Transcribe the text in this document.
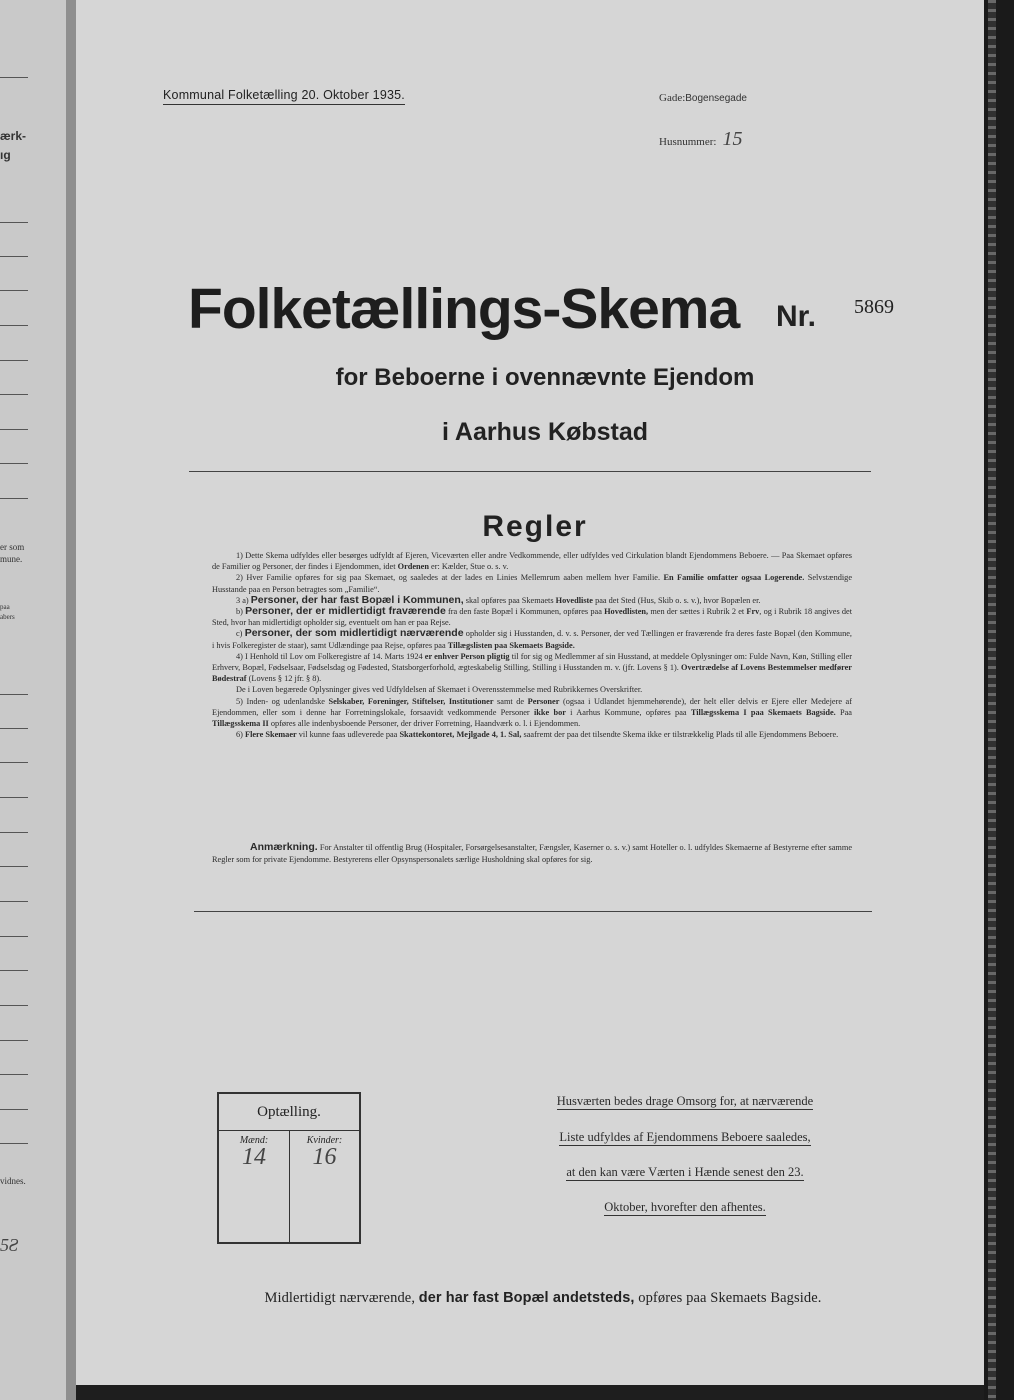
ærk-
ıg
er som
mune.
paa
abers
vidnes.
5Ƨ
Kommunal Folketælling 20. Oktober 1935.	Gade:Bogensegade
Husnummer: 15
Folketællings-Skema Nr. 5869
for Beboerne i ovennævnte Ejendom
i Aarhus Købstad
Regler

1) Dette Skema udfyldes eller besørges udfyldt af Ejeren, Viceværten eller andre Vedkommende, eller udfyldes ved Cirkulation blandt Ejendommens Beboere. — Paa Skemaet opføres de Familier og Personer, der findes i Ejendommen, idet Ordenen er: Kælder, Stue o. s. v.

2) Hver Familie opføres for sig paa Skemaet, og saaledes at der lades en Linies Mellemrum aaben mellem hver Familie. En Familie omfatter ogsaa Logerende. Selvstændige Husstande paa en Person betragtes som „Familie“.

3 a) Personer, der har fast Bopæl i Kommunen, skal opføres paa Skemaets Hovedliste paa det Sted (Hus, Skib o. s. v.), hvor Bopælen er.

b) Personer, der er midlertidigt fraværende fra den faste Bopæl i Kommunen, opføres paa Hovedlisten, men der sættes i Rubrik 2 et Frv, og i Rubrik 18 angives det Sted, hvor han midlertidigt opholder sig, eventuelt om han er paa Rejse.

c) Personer, der som midlertidigt nærværende opholder sig i Husstanden, d. v. s. Personer, der ved Tællingen er fraværende fra deres faste Bopæl (den Kommune, i hvis Folkeregister de staar), samt Udlændinge paa Rejse, opføres paa Tillægslisten paa Skemaets Bagside.

4) I Henhold til Lov om Folkeregistre af 14. Marts 1924 er enhver Person pligtig til for sig og Medlemmer af sin Husstand, at meddele Oplysninger om: Fulde Navn, Køn, Stilling eller Erhverv, Bopæl, Fødselsaar, Fødselsdag og Fødested, Statsborgerforhold, ægteskabelig Stilling, Stilling i Husstanden m. v. (jfr. Lovens § 1). Overtrædelse af Lovens Bestemmelser medfører Bødestraf (Lovens § 12 jfr. § 8).

De i Loven begærede Oplysninger gives ved Udfyldelsen af Skemaet i Overensstemmelse med Rubrikkernes Overskrifter.

5) Inden- og udenlandske Selskaber, Foreninger, Stiftelser, Institutioner samt de Personer (ogsaa i Udlandet hjemmehørende), der helt eller delvis er Ejere eller Medejere af Ejendommen, eller som i denne har Forretningslokale, forsaavidt vedkommende Personer ikke bor i Aarhus Kommune, opføres paa Tillægsskema I paa Skemaets Bagside. Paa Tillægsskema II opføres alle indenbysboende Personer, der driver Forretning, Haandværk o. l. i Ejendommen.

6) Flere Skemaer vil kunne faas udleverede paa Skattekontoret, Mejlgade 4, 1. Sal, saafremt der paa det tilsendte Skema ikke er tilstrækkelig Plads til alle Ejendommens Beboere.

Anmærkning. For Anstalter til offentlig Brug (Hospitaler, Forsørgelsesanstalter, Fængsler, Kaserner o. s. v.) samt Hoteller o. l. udfyldes Skemaerne af Bestyrerne efter samme Regler som for private Ejendomme. Bestyrerens eller Opsynspersonalets særlige Husholdning skal opføres for sig.

Optælling.
Mænd:
14
Kvinder:
16
Husværten bedes drage Omsorg for, at nærværende
Liste udfyldes af Ejendommens Beboere saaledes,
at den kan være Værten i Hænde senest den 23.
Oktober, hvorefter den afhentes.
Midlertidigt nærværende, der har fast Bopæl andetsteds, opføres paa Skemaets Bagside.
